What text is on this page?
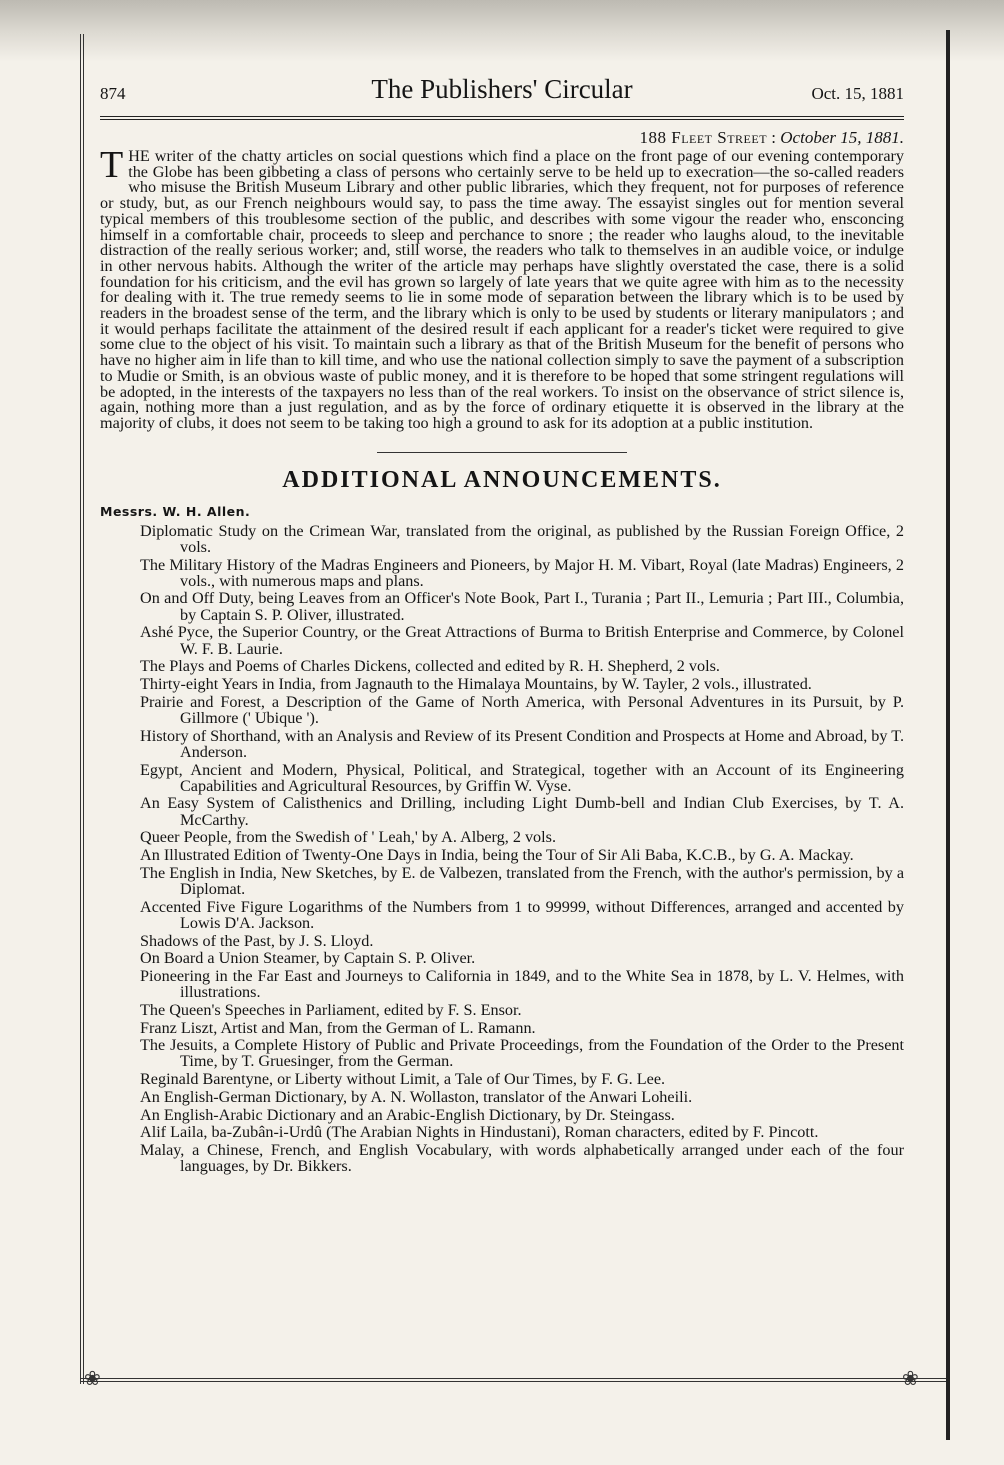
❀	❀
874	The Publishers' Circular	Oct. 15, 1881

188 Fleet Street : October 15, 1881.

THE writer of the chatty articles on social questions which find a place on the front page of our evening contemporary the Globe has been gibbeting a class of persons who certainly serve to be held up to execration—the so-called readers who misuse the British Museum Library and other public libraries, which they frequent, not for purposes of reference or study, but, as our French neighbours would say, to pass the time away. The essayist singles out for mention several typical members of this troublesome section of the public, and describes with some vigour the reader who, ensconcing himself in a comfortable chair, proceeds to sleep and perchance to snore ; the reader who laughs aloud, to the inevitable distraction of the really serious worker; and, still worse, the readers who talk to themselves in an audible voice, or indulge in other nervous habits. Although the writer of the article may perhaps have slightly overstated the case, there is a solid foundation for his criticism, and the evil has grown so largely of late years that we quite agree with him as to the necessity for dealing with it. The true remedy seems to lie in some mode of separation between the library which is to be used by readers in the broadest sense of the term, and the library which is only to be used by students or literary manipulators ; and it would perhaps facilitate the attainment of the desired result if each applicant for a reader's ticket were required to give some clue to the object of his visit. To maintain such a library as that of the British Museum for the benefit of persons who have no higher aim in life than to kill time, and who use the national collection simply to save the payment of a subscription to Mudie or Smith, is an obvious waste of public money, and it is therefore to be hoped that some stringent regulations will be adopted, in the interests of the taxpayers no less than of the real workers. To insist on the observance of strict silence is, again, nothing more than a just regulation, and as by the force of ordinary etiquette it is observed in the library at the majority of clubs, it does not seem to be taking too high a ground to ask for its adoption at a public institution.

ADDITIONAL ANNOUNCEMENTS.
Messrs. W. H. Allen.
Diplomatic Study on the Crimean War, translated from the original, as published by the Russian Foreign Office, 2 vols.
The Military History of the Madras Engineers and Pioneers, by Major H. M. Vibart, Royal (late Madras) Engineers, 2 vols., with numerous maps and plans.
On and Off Duty, being Leaves from an Officer's Note Book, Part I., Turania ; Part II., Lemuria ; Part III., Columbia, by Captain S. P. Oliver, illustrated.
Ashé Pyce, the Superior Country, or the Great Attractions of Burma to British Enterprise and Commerce, by Colonel W. F. B. Laurie.
The Plays and Poems of Charles Dickens, collected and edited by R. H. Shepherd, 2 vols.
Thirty-eight Years in India, from Jagnauth to the Himalaya Mountains, by W. Tayler, 2 vols., illustrated.
Prairie and Forest, a Description of the Game of North America, with Personal Adventures in its Pursuit, by P. Gillmore (' Ubique ').
History of Shorthand, with an Analysis and Review of its Present Condition and Prospects at Home and Abroad, by T. Anderson.
Egypt, Ancient and Modern, Physical, Political, and Strategical, together with an Account of its Engineering Capabilities and Agricultural Resources, by Griffin W. Vyse.
An Easy System of Calisthenics and Drilling, including Light Dumb-bell and Indian Club Exercises, by T. A. McCarthy.
Queer People, from the Swedish of ' Leah,' by A. Alberg, 2 vols.
An Illustrated Edition of Twenty-One Days in India, being the Tour of Sir Ali Baba, K.C.B., by G. A. Mackay.
The English in India, New Sketches, by E. de Valbezen, translated from the French, with the author's permission, by a Diplomat.
Accented Five Figure Logarithms of the Numbers from 1 to 99999, without Differences, arranged and accented by Lowis D'A. Jackson.
Shadows of the Past, by J. S. Lloyd.
On Board a Union Steamer, by Captain S. P. Oliver.
Pioneering in the Far East and Journeys to California in 1849, and to the White Sea in 1878, by L. V. Helmes, with illustrations.
The Queen's Speeches in Parliament, edited by F. S. Ensor.
Franz Liszt, Artist and Man, from the German of L. Ramann.
The Jesuits, a Complete History of Public and Private Proceedings, from the Foundation of the Order to the Present Time, by T. Gruesinger, from the German.
Reginald Barentyne, or Liberty without Limit, a Tale of Our Times, by F. G. Lee.
An English-German Dictionary, by A. N. Wollaston, translator of the Anwari Loheili.
An English-Arabic Dictionary and an Arabic-English Dictionary, by Dr. Steingass.
Alif Laila, ba-Zubân-i-Urdû (The Arabian Nights in Hindustani), Roman characters, edited by F. Pincott.
Malay, a Chinese, French, and English Vocabulary, with words alphabetically arranged under each of the four languages, by Dr. Bikkers.
